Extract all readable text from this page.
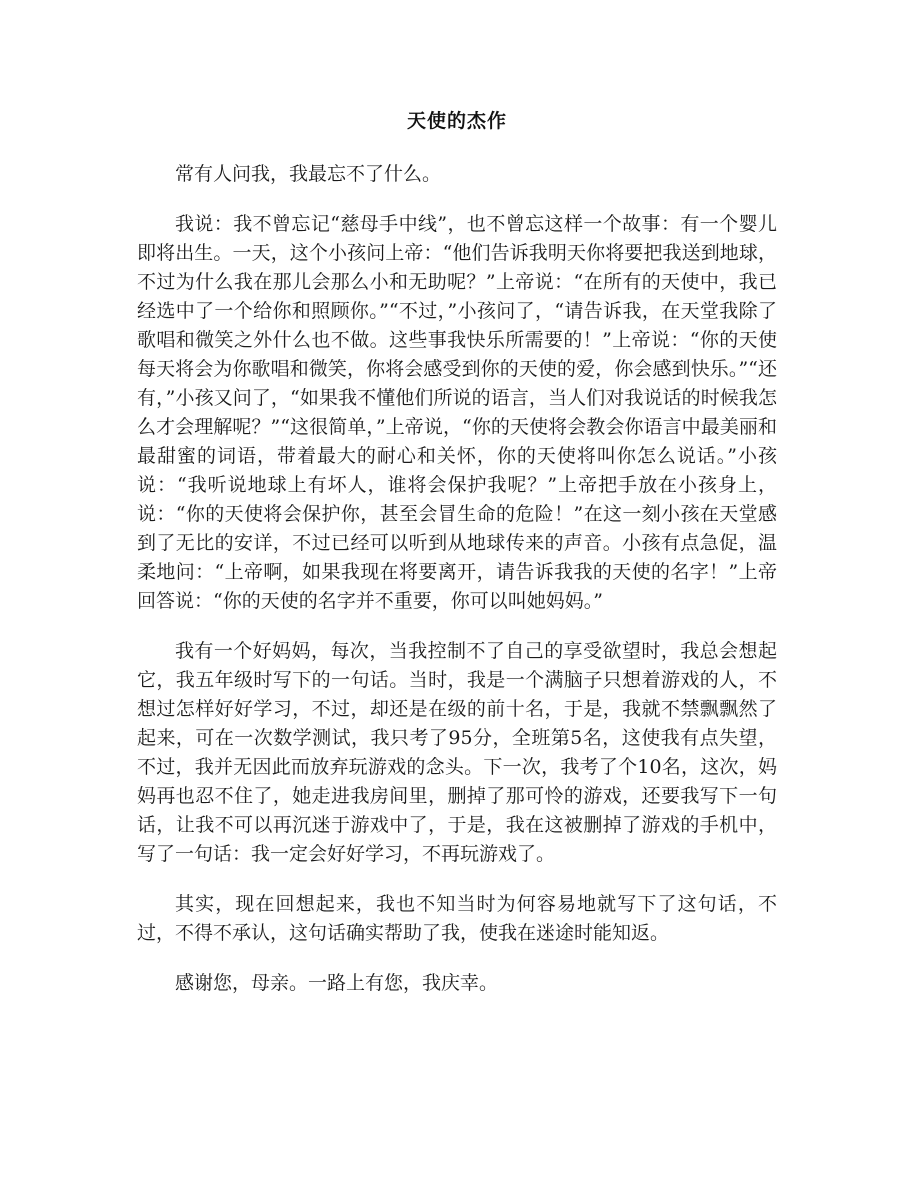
天使的杰作

常有人问我，我最忘不了什么。

我说：我不曾忘记“慈母手中线”，也不曾忘这样一个故事：有一个婴儿即将出生。一天，这个小孩问上帝：“他们告诉我明天你将要把我送到地球，不过为什么我在那儿会那么小和无助呢？”上帝说：“在所有的天使中，我已经选中了一个给你和照顾你。”“不过，”小孩问了，“请告诉我，在天堂我除了歌唱和微笑之外什么也不做。这些事我快乐所需要的！”上帝说：“你的天使每天将会为你歌唱和微笑，你将会感受到你的天使的爱，你会感到快乐。”“还有，”小孩又问了，“如果我不懂他们所说的语言，当人们对我说话的时候我怎么才会理解呢？”“这很简单，”上帝说，“你的天使将会教会你语言中最美丽和最甜蜜的词语，带着最大的耐心和关怀，你的天使将叫你怎么说话。”小孩说：“我听说地球上有坏人，谁将会保护我呢？”上帝把手放在小孩身上，说：“你的天使将会保护你，甚至会冒生命的危险！”在这一刻小孩在天堂感到了无比的安详，不过已经可以听到从地球传来的声音。小孩有点急促，温柔地问：“上帝啊，如果我现在将要离开，请告诉我我的天使的名字！”上帝回答说：“你的天使的名字并不重要，你可以叫她妈妈。”

我有一个好妈妈，每次，当我控制不了自己的享受欲望时，我总会想起它，我五年级时写下的一句话。当时，我是一个满脑子只想着游戏的人，不想过怎样好好学习，不过，却还是在级的前十名，于是，我就不禁飘飘然了起来，可在一次数学测试，我只考了95分，全班第5名，这使我有点失望，不过，我并无因此而放弃玩游戏的念头。下一次，我考了个10名，这次，妈妈再也忍不住了，她走进我房间里，删掉了那可怜的游戏，还要我写下一句话，让我不可以再沉迷于游戏中了，于是，我在这被删掉了游戏的手机中，写了一句话：我一定会好好学习，不再玩游戏了。

其实，现在回想起来，我也不知当时为何容易地就写下了这句话，不过，不得不承认，这句话确实帮助了我，使我在迷途时能知返。

感谢您，母亲。一路上有您，我庆幸。
